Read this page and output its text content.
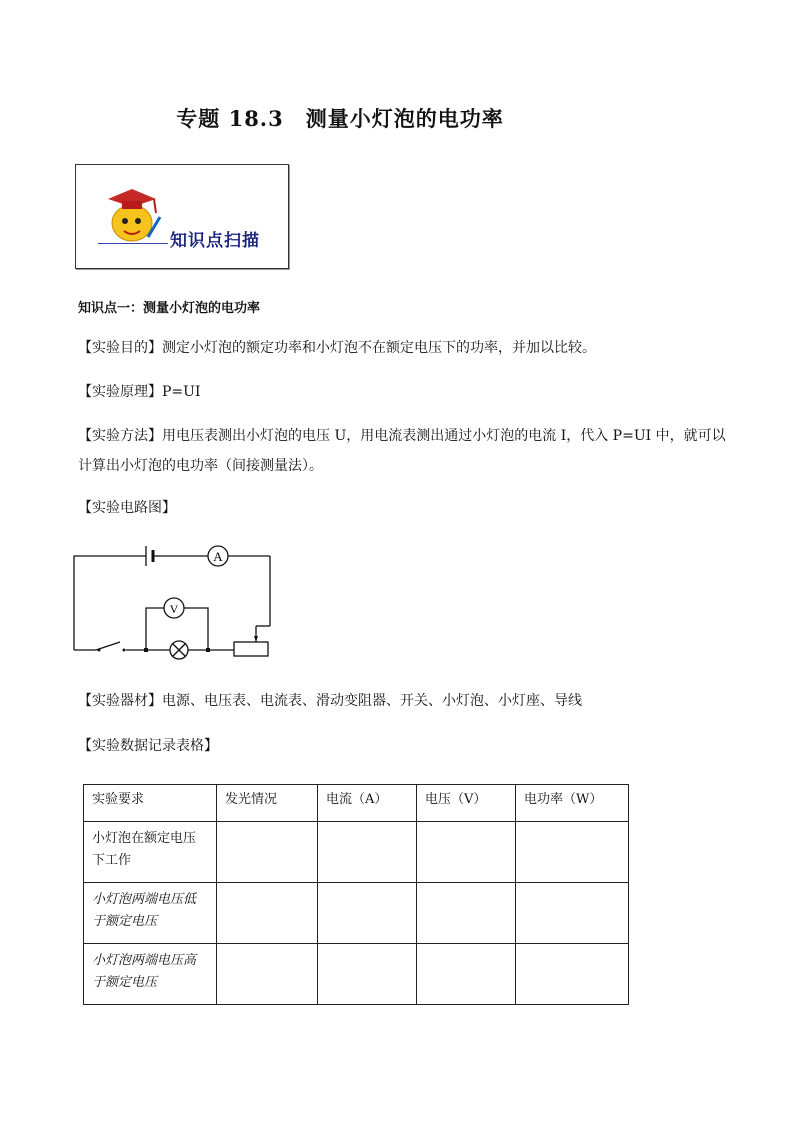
专题 18.3　测量小灯泡的电功率
知识点扫描
知识点一：测量小灯泡的电功率
【实验目的】测定小灯泡的额定功率和小灯泡不在额定电压下的功率，并加以比较。
【实验原理】P=UI
【实验方法】用电压表测出小灯泡的电压 U，用电流表测出通过小灯泡的电流 I，代入 P=UI 中，就可以计算出小灯泡的电功率（间接测量法）。
【实验电路图】
A
V
【实验器材】电源、电压表、电流表、滑动变阻器、开关、小灯泡、小灯座、导线
【实验数据记录表格】
实验要求	发光情况	电流（A）	电压（V）	电功率（W）
小灯泡在额定电压下工作				
小灯泡两端电压低于额定电压				
小灯泡两端电压高于额定电压				
